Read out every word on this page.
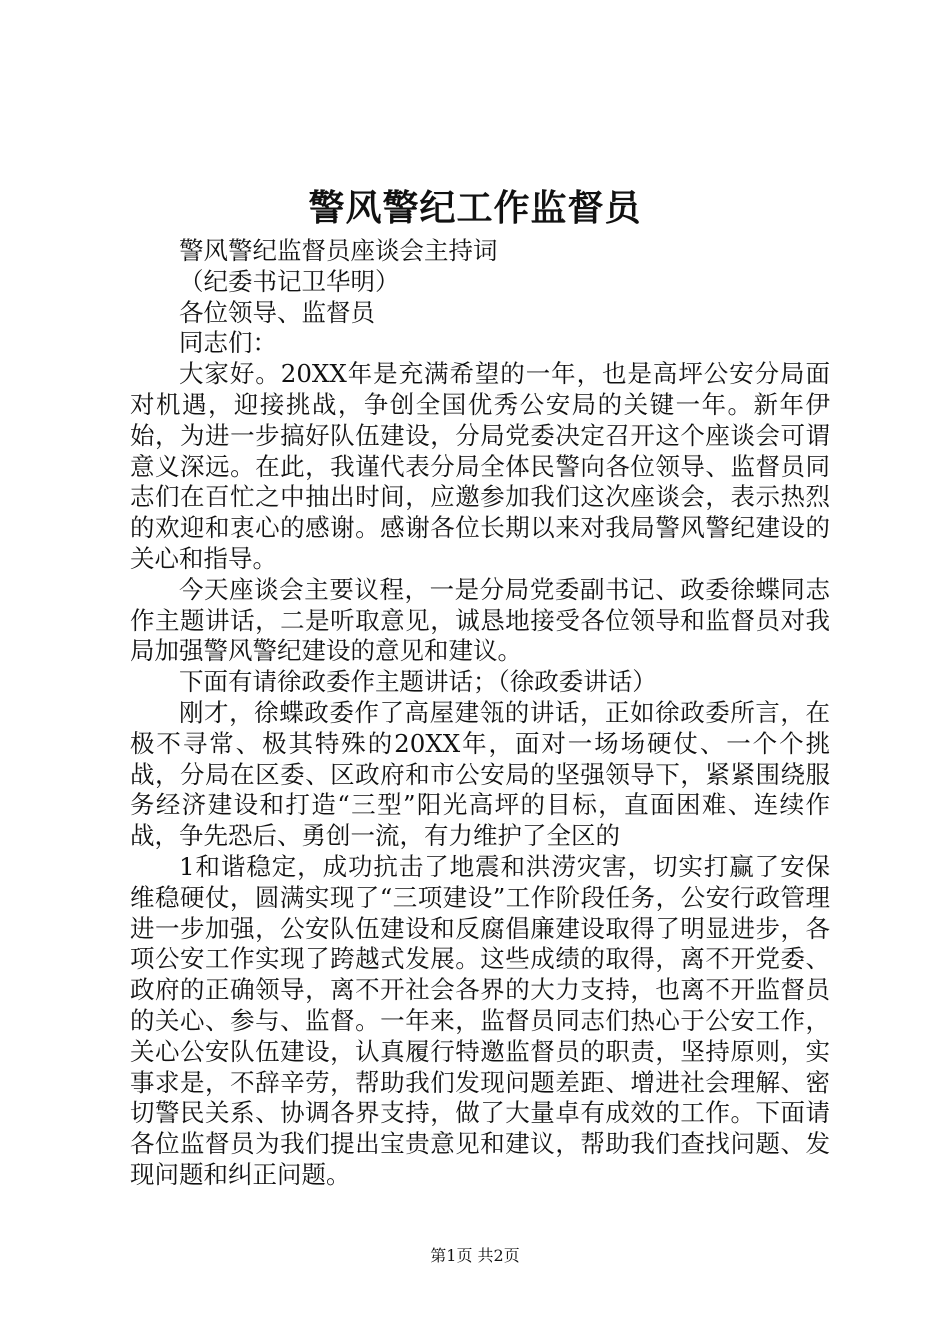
警风警纪工作监督员

警风警纪监督员座谈会主持词

（纪委书记卫华明）

各位领导、监督员

同志们：

大家好。20XX年是充满希望的一年，也是高坪公安分局面对机遇，迎接挑战，争创全国优秀公安局的关键一年。新年伊始，为进一步搞好队伍建设，分局党委决定召开这个座谈会可谓意义深远。在此，我谨代表分局全体民警向各位领导、监督员同志们在百忙之中抽出时间，应邀参加我们这次座谈会，表示热烈的欢迎和衷心的感谢。感谢各位长期以来对我局警风警纪建设的关心和指导。

今天座谈会主要议程，一是分局党委副书记、政委徐蝶同志作主题讲话，二是听取意见，诚恳地接受各位领导和监督员对我局加强警风警纪建设的意见和建议。

下面有请徐政委作主题讲话；（徐政委讲话）

刚才，徐蝶政委作了高屋建瓴的讲话，正如徐政委所言，在极不寻常、极其特殊的20XX年，面对一场场硬仗、一个个挑战，分局在区委、区政府和市公安局的坚强领导下，紧紧围绕服务经济建设和打造“三型”阳光高坪的目标，直面困难、连续作战，争先恐后、勇创一流，有力维护了全区的

1和谐稳定，成功抗击了地震和洪涝灾害，切实打赢了安保维稳硬仗，圆满实现了“三项建设”工作阶段任务，公安行政管理进一步加强，公安队伍建设和反腐倡廉建设取得了明显进步，各项公安工作实现了跨越式发展。这些成绩的取得，离不开党委、政府的正确领导，离不开社会各界的大力支持，也离不开监督员的关心、参与、监督。一年来，监督员同志们热心于公安工作，关心公安队伍建设，认真履行特邀监督员的职责，坚持原则，实事求是，不辞辛劳，帮助我们发现问题差距、增进社会理解、密切警民关系、协调各界支持，做了大量卓有成效的工作。下面请各位监督员为我们提出宝贵意见和建议，帮助我们查找问题、发现问题和纠正问题。

第1页 共2页
